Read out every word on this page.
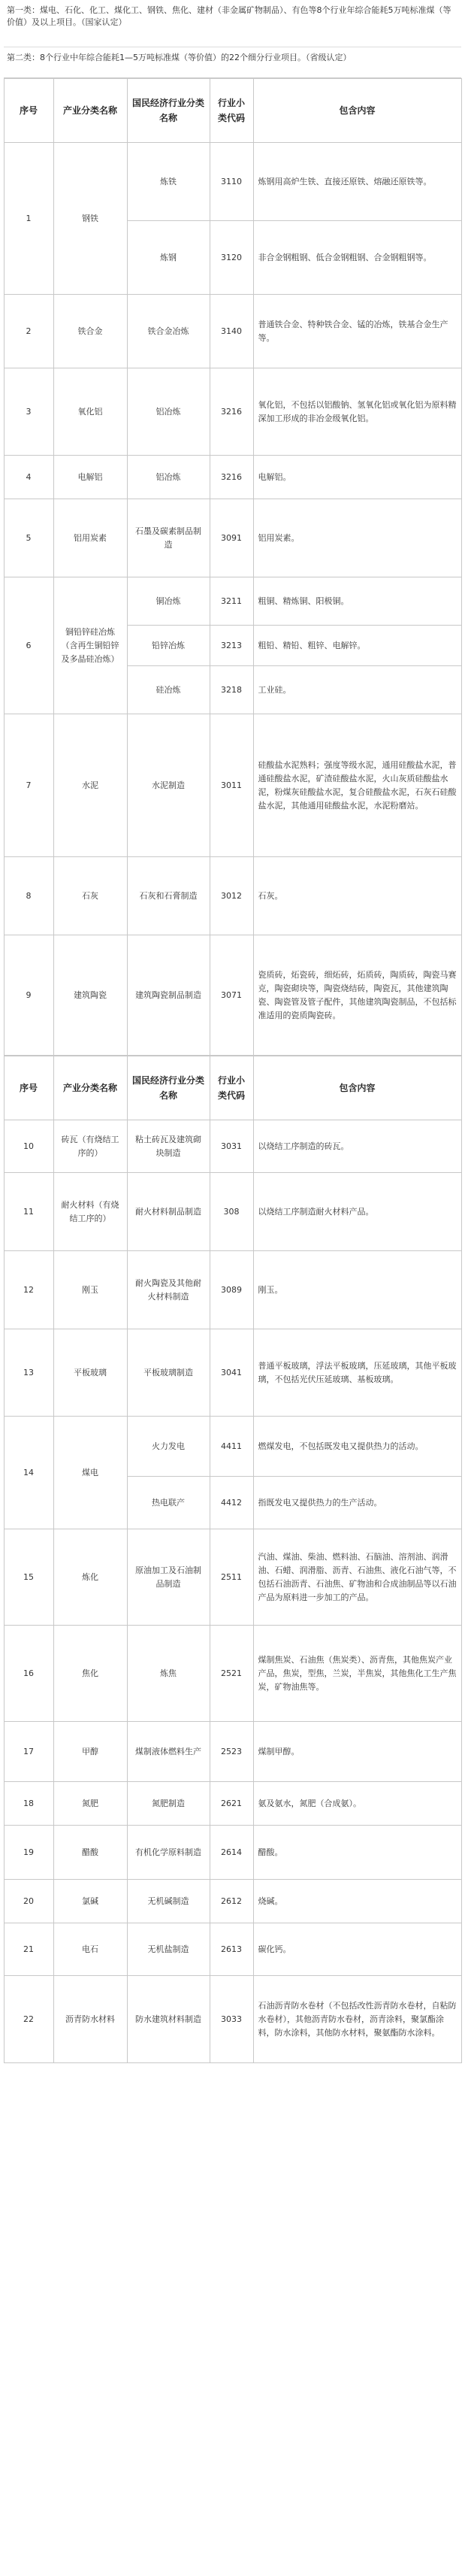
第一类：煤电、石化、化工、煤化工、钢铁、焦化、建材（非金属矿物制品）、有色等8个行业年综合能耗5万吨标准煤（等价值）及以上项目。（国家认定）

第二类：8个行业中年综合能耗1—5万吨标准煤（等价值）的22个细分行业项目。（省级认定）

序号	产业分类名称	国民经济行业分类名称	行业小类代码	包含内容
1	钢铁	炼铁	3110	炼钢用高炉生铁、直接还原铁、熔融还原铁等。
		炼钢	3120	非合金钢粗钢、低合金钢粗钢、合金钢粗钢等。
2	铁合金	铁合金冶炼	3140	普通铁合金、特种铁合金、锰的冶炼，铁基合金生产等。
3	氧化铝	铝冶炼	3216	氧化铝，不包括以铝酸钠、氢氧化铝或氧化铝为原料精深加工形成的非冶金级氧化铝。
4	电解铝	铝冶炼	3216	电解铝。
5	铝用炭素	石墨及碳素制品制造	3091	铝用炭素。
6	铜铅锌硅冶炼（含再生铜铅锌及多晶硅冶炼）	铜冶炼	3211	粗铜、精炼铜、阳极铜。
		铅锌冶炼	3213	粗铅、精铅、粗锌、电解锌。
		硅冶炼	3218	工业硅。
7	水泥	水泥制造	3011	硅酸盐水泥熟料；强度等级水泥，通用硅酸盐水泥，普通硅酸盐水泥，矿渣硅酸盐水泥，火山灰质硅酸盐水泥，粉煤灰硅酸盐水泥，复合硅酸盐水泥，石灰石硅酸盐水泥，其他通用硅酸盐水泥，水泥粉磨站。
8	石灰	石灰和石膏制造	3012	石灰。
9	建筑陶瓷	建筑陶瓷制品制造	3071	瓷质砖，炻瓷砖，细炻砖，炻质砖，陶质砖，陶瓷马赛克，陶瓷砌块等，陶瓷烧结砖，陶瓷瓦，其他建筑陶瓷、陶瓷管及管子配件，其他建筑陶瓷制品，不包括标准适用的瓷质陶瓷砖。
序号	产业分类名称	国民经济行业分类名称	行业小类代码	包含内容
10	砖瓦（有烧结工序的）	粘土砖瓦及建筑砌块制造	3031	以烧结工序制造的砖瓦。
11	耐火材料（有烧结工序的）	耐火材料制品制造	308	以烧结工序制造耐火材料产品。
12	刚玉	耐火陶瓷及其他耐火材料制造	3089	刚玉。
13	平板玻璃	平板玻璃制造	3041	普通平板玻璃，浮法平板玻璃，压延玻璃，其他平板玻璃，不包括光伏压延玻璃、基板玻璃。
14	煤电	火力发电	4411	燃煤发电，不包括既发电又提供热力的活动。
		热电联产	4412	指既发电又提供热力的生产活动。
15	炼化	原油加工及石油制品制造	2511	汽油、煤油、柴油、燃料油、石脑油、溶剂油、润滑油、石蜡、润滑脂、沥青、石油焦、液化石油气等，不包括石油沥青、石油焦、矿物油和合成油制品等以石油产品为原料进一步加工的产品。
16	焦化	炼焦	2521	煤制焦炭、石油焦（焦炭类）、沥青焦，其他焦炭产业产品，焦炭，型焦，兰炭，半焦炭，其他焦化工生产焦炭，矿物油焦等。
17	甲醇	煤制液体燃料生产	2523	煤制甲醇。
18	氮肥	氮肥制造	2621	氨及氨水，氮肥（合成氨）。
19	醋酸	有机化学原料制造	2614	醋酸。
20	氯碱	无机碱制造	2612	烧碱。
21	电石	无机盐制造	2613	碳化钙。
22	沥青防水材料	防水建筑材料制造	3033	石油沥青防水卷材（不包括改性沥青防水卷材，自粘防水卷材），其他沥青防水卷材，沥青涂料，聚氯酯涂料，防水涂料，其他防水材料，聚氨酯防水涂料。
